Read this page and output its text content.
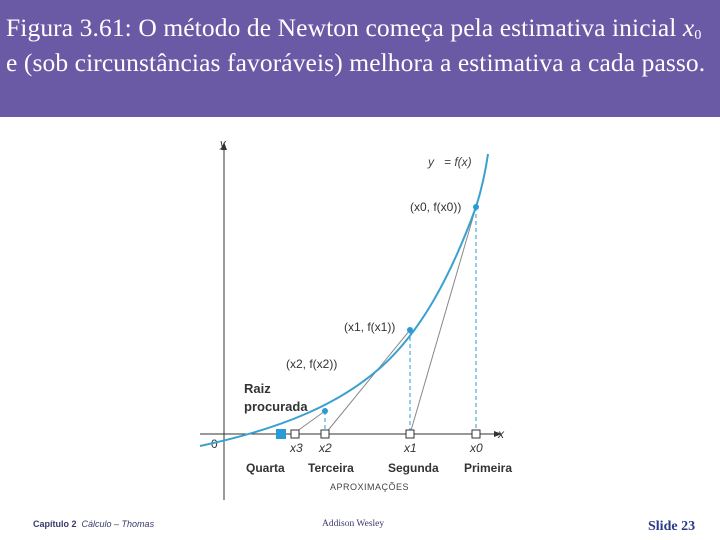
Figura 3.61: O método de Newton começa pela estimativa inicial $x_0$ e (sob circunstâncias favoráveis) melhora a estimativa a cada passo.
y
x
0
y = f(x)
(x0, f(x0))
(x1, f(x1))
(x2, f(x2))
Raiz
procurada
x3 x2	x1	x0
Quarta Terceira	Segunda Primeira
APROXIMAÇÕES
Capítulo 2 Cálculo – Thomas	Addison Wesley	Slide 23
